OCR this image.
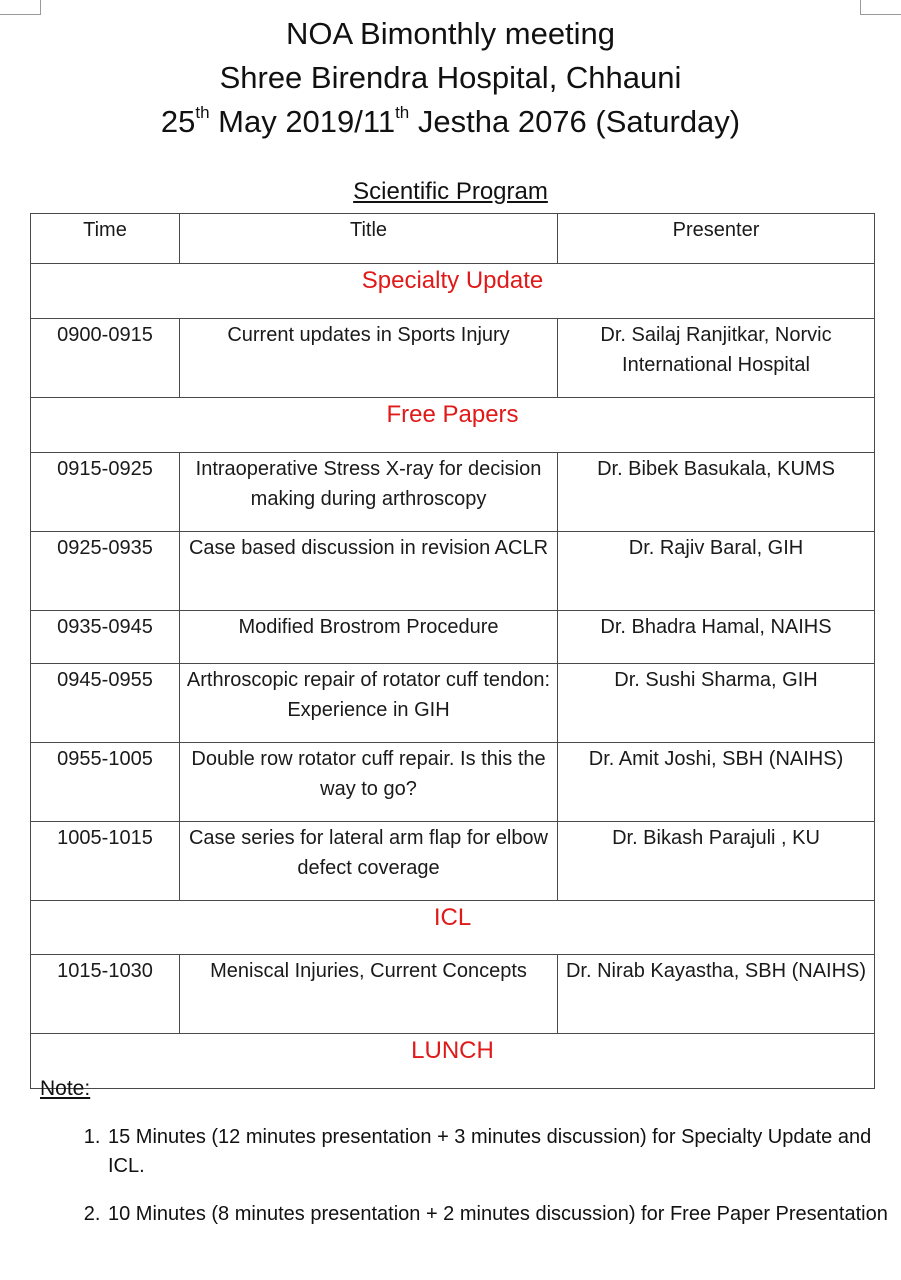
NOA Bimonthly meeting
Shree Birendra Hospital, Chhauni
25th May 2019/11th Jestha 2076 (Saturday)
Scientific Program
Time	Title	Presenter
Specialty Update		
0900-0915	Current updates in Sports Injury	Dr. Sailaj Ranjitkar, Norvic International Hospital
Free Papers		
0915-0925	Intraoperative Stress X-ray for decision making during arthroscopy	Dr. Bibek Basukala, KUMS
0925-0935	Case based discussion in revision ACLR	Dr. Rajiv Baral, GIH
0935-0945	Modified Brostrom Procedure	Dr. Bhadra Hamal, NAIHS
0945-0955	Arthroscopic repair of rotator cuff tendon: Experience in GIH	Dr. Sushi Sharma, GIH
0955-1005	Double row rotator cuff repair. Is this the way to go?	Dr. Amit Joshi, SBH (NAIHS)
1005-1015	Case series for lateral arm flap for elbow defect coverage	Dr. Bikash Parajuli , KU
ICL		
1015-1030	Meniscal Injuries, Current Concepts	Dr. Nirab Kayastha, SBH (NAIHS)
LUNCH		
Note:
1. 15 Minutes (12 minutes presentation + 3 minutes discussion) for Specialty Update and ICL.
2. 10 Minutes (8 minutes presentation + 2 minutes discussion) for Free Paper Presentation
